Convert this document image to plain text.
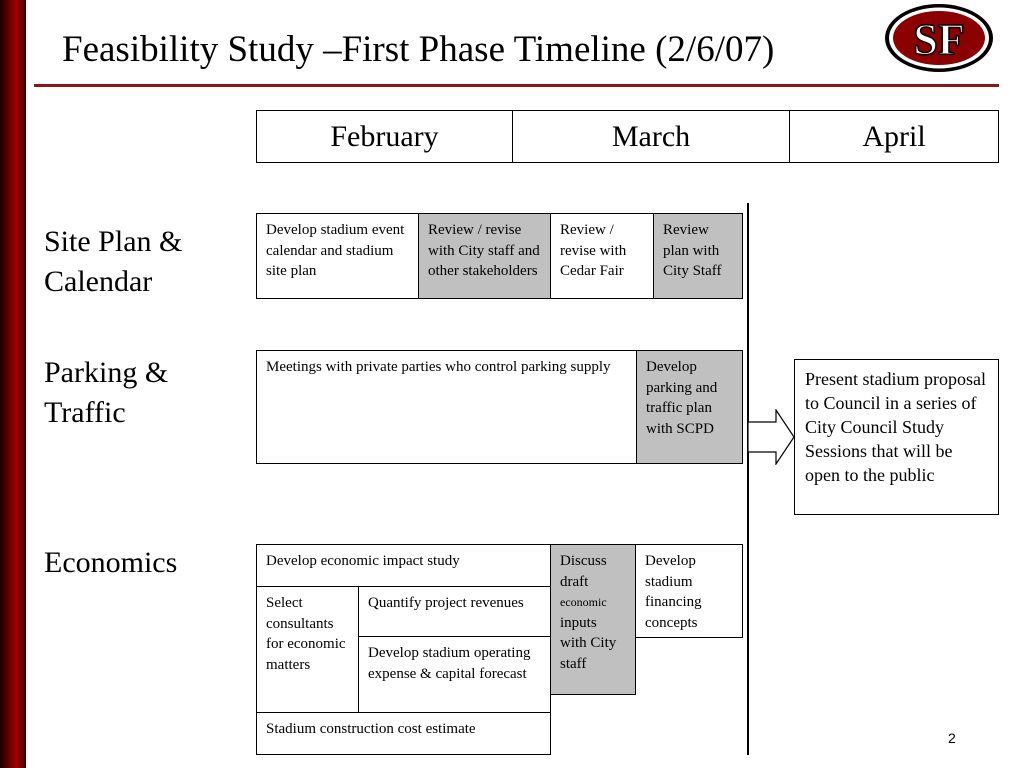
Feasibility Study –First Phase Timeline (2/6/07)	SF
February	March	April
Site Plan &
Calendar
Develop stadium event calendar and stadium site plan
Review / revise with City staff and other stakeholders
Review / revise with Cedar Fair
Review plan with City Staff
Parking &
Traffic
Meetings with private parties who control parking supply	Develop parking and traffic plan with SCPD
Present stadium proposal to Council in a series of City Council Study Sessions that will be open to the public
Economics	Develop economic impact study
Select consultants for economic matters
Quantify project revenues
Develop stadium operating expense & capital forecast
Stadium construction cost estimate
Discuss draft
economic
inputs with City staff
Develop stadium financing concepts
2
